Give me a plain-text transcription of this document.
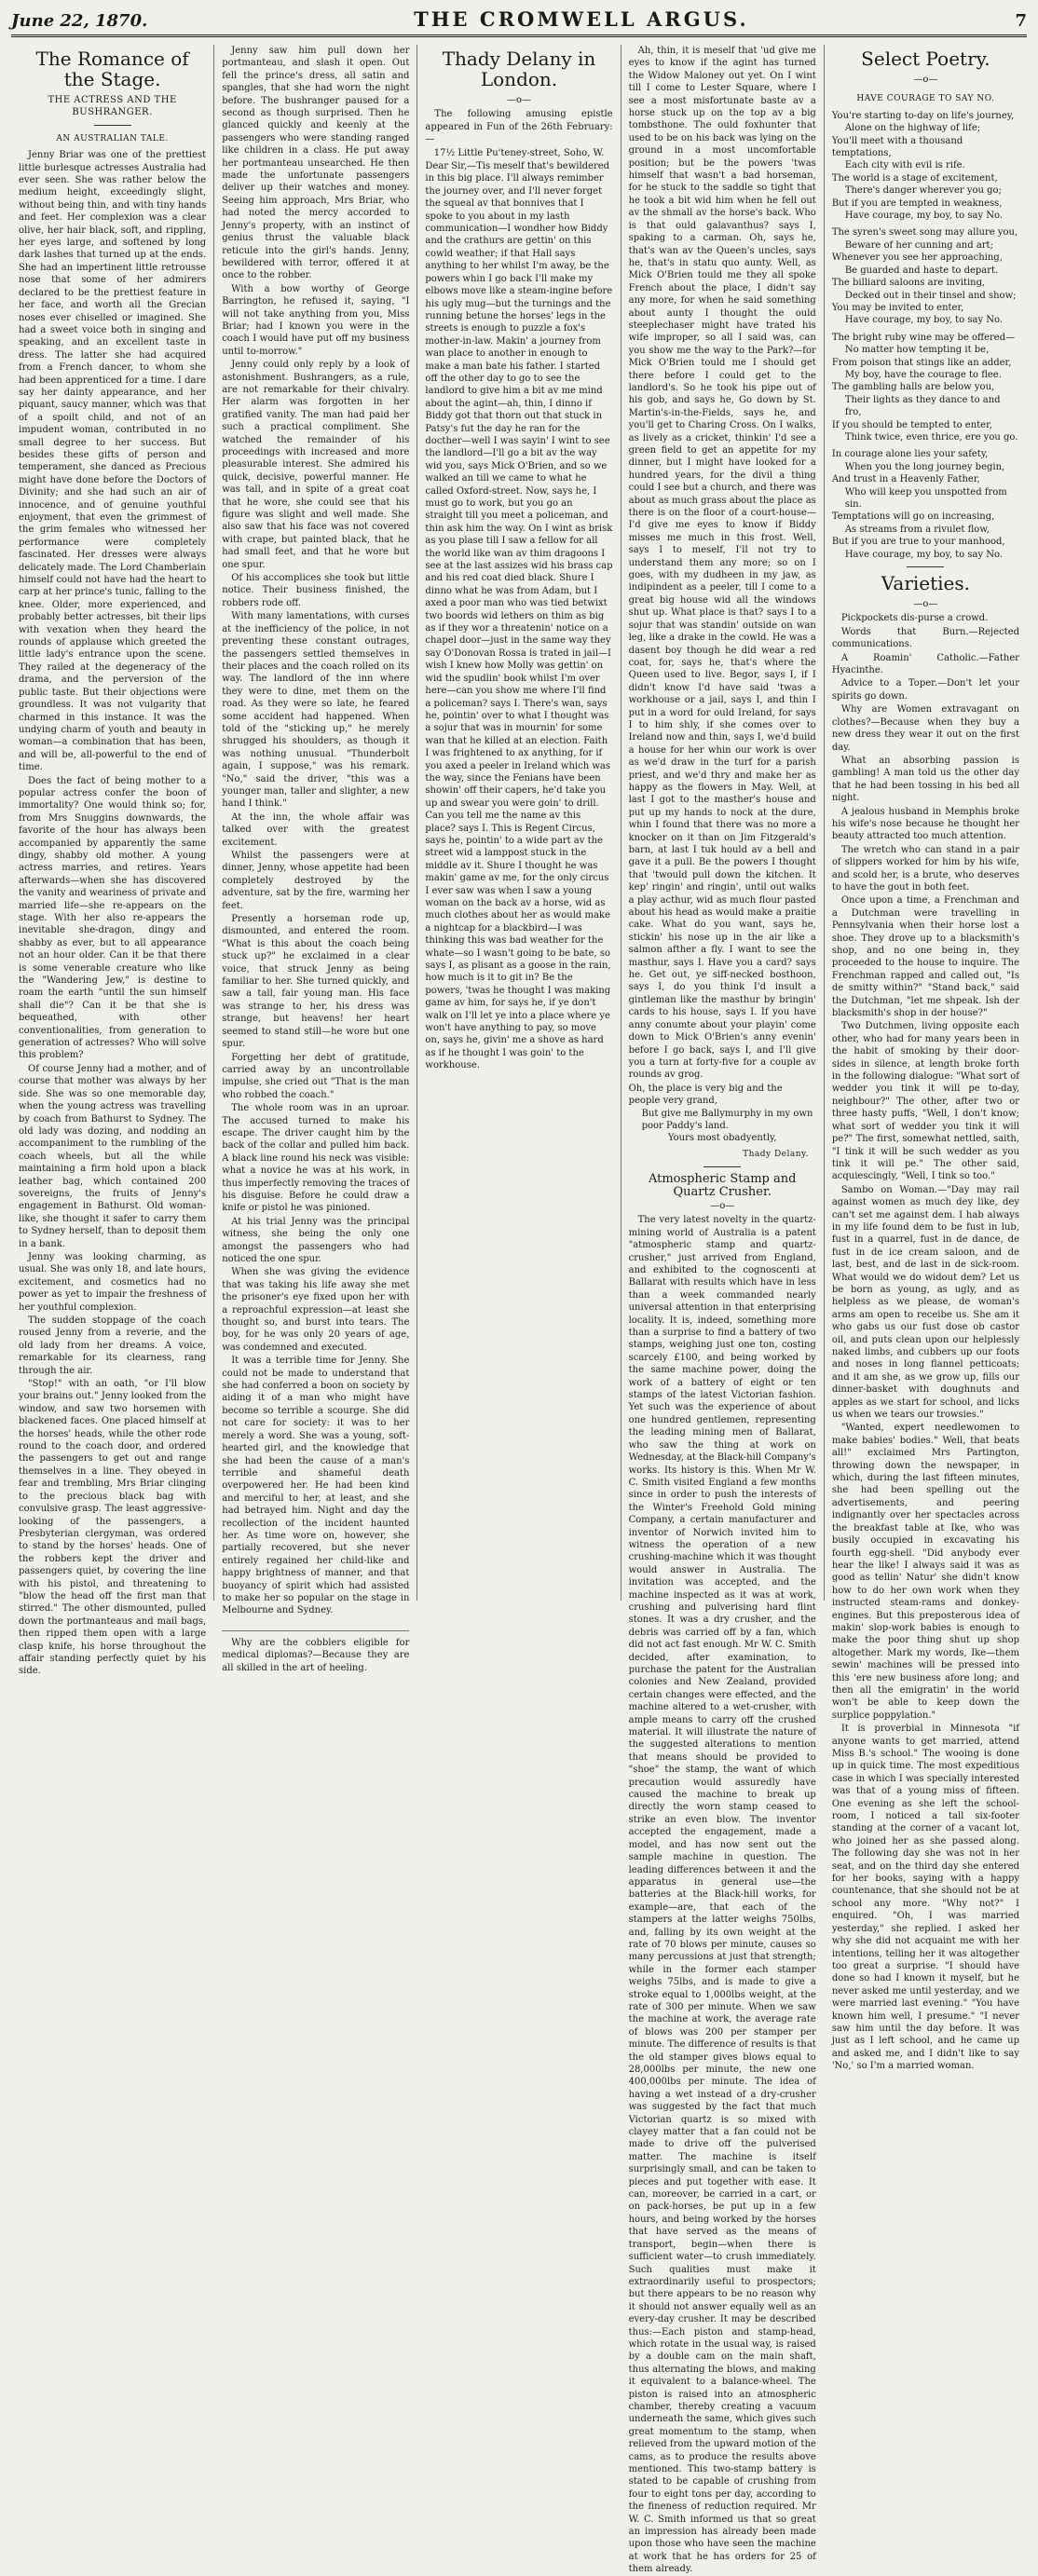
June 22, 1870.	THE CROMWELL ARGUS.	7
The Romance of the Stage.
THE ACTRESS AND THE BUSHRANGER.
AN AUSTRALIAN TALE.

Jenny Briar was one of the prettiest little burlesque actresses Australia had ever seen. She was rather below the medium height, exceedingly slight, without being thin, and with tiny hands and feet. Her complexion was a clear olive, her hair black, soft, and rippling, her eyes large, and softened by long dark lashes that turned up at the ends. She had an impertinent little retrousse nose that some of her admirers declared to be the prettiest feature in her face, and worth all the Grecian noses ever chiselled or imagined. She had a sweet voice both in singing and speaking, and an excellent taste in dress. The latter she had acquired from a French dancer, to whom she had been apprenticed for a time. I dare say her dainty appearance, and her piquant, saucy manner, which was that of a spoilt child, and not of an impudent woman, contributed in no small degree to her success. But besides these gifts of person and temperament, she danced as Precious might have done before the Doctors of Divinity; and she had such an air of innocence, and of genuine youthful enjoyment, that even the grimmest of the grim females who witnessed her performance were completely fascinated. Her dresses were always delicately made. The Lord Chamberlain himself could not have had the heart to carp at her prince's tunic, falling to the knee. Older, more experienced, and probably better actresses, bit their lips with vexation when they heard the rounds of applause which greeted the little lady's entrance upon the scene. They railed at the degeneracy of the drama, and the perversion of the public taste. But their objections were groundless. It was not vulgarity that charmed in this instance. It was the undying charm of youth and beauty in woman—a combination that has been, and will be, all-powerful to the end of time.

Does the fact of being mother to a popular actress confer the boon of immortality? One would think so; for, from Mrs Snuggins downwards, the favorite of the hour has always been accompanied by apparently the same dingy, shabby old mother. A young actress marries, and retires. Years afterwards—when she has discovered the vanity and weariness of private and married life—she re-appears on the stage. With her also re-appears the inevitable she-dragon, dingy and shabby as ever, but to all appearance not an hour older. Can it be that there is some venerable creature who like the "Wandering Jew," is destine to roam the earth "until the sun himself shall die"? Can it be that she is bequeathed, with other conventionalities, from generation to generation of actresses? Who will solve this problem?

Of course Jenny had a mother, and of course that mother was always by her side. She was so one memorable day, when the young actress was travelling by coach from Bathurst to Sydney. The old lady was dozing, and nodding an accompaniment to the rumbling of the coach wheels, but all the while maintaining a firm hold upon a black leather bag, which contained 200 sovereigns, the fruits of Jenny's engagement in Bathurst. Old woman-like, she thought it safer to carry them to Sydney herself, than to deposit them in a bank.

Jenny was looking charming, as usual. She was only 18, and late hours, excitement, and cosmetics had no power as yet to impair the freshness of her youthful complexion.

The sudden stoppage of the coach roused Jenny from a reverie, and the old lady from her dreams. A voice, remarkable for its clearness, rang through the air.

"Stop!" with an oath, "or I'll blow your brains out." Jenny looked from the window, and saw two horsemen with blackened faces. One placed himself at the horses' heads, while the other rode round to the coach door, and ordered the passengers to get out and range themselves in a line. They obeyed in fear and trembling, Mrs Briar clinging to the precious black bag with convulsive grasp. The least aggressive-looking of the passengers, a Presbyterian clergyman, was ordered to stand by the horses' heads. One of the robbers kept the driver and passengers quiet, by covering the line with his pistol, and threatening to "blow the head off the first man that stirred." The other dismounted, pulled down the portmanteaus and mail bags, then ripped them open with a large clasp knife, his horse throughout the affair standing perfectly quiet by his side.

Jenny saw him pull down her portmanteau, and slash it open. Out fell the prince's dress, all satin and spangles, that she had worn the night before. The bushranger paused for a second as though surprised. Then he glanced quickly and keenly at the passengers who were standing ranged like children in a class. He put away her portmanteau unsearched. He then made the unfortunate passengers deliver up their watches and money. Seeing him approach, Mrs Briar, who had noted the mercy accorded to Jenny's property, with an instinct of genius thrust the valuable black reticule into the girl's hands. Jenny, bewildered with terror, offered it at once to the robber.

With a bow worthy of George Barrington, he refused it, saying, "I will not take anything from you, Miss Briar; had I known you were in the coach I would have put off my business until to-morrow."

Jenny could only reply by a look of astonishment. Bushrangers, as a rule, are not remarkable for their chivalry. Her alarm was forgotten in her gratified vanity. The man had paid her such a practical compliment. She watched the remainder of his proceedings with increased and more pleasurable interest. She admired his quick, decisive, powerful manner. He was tall, and in spite of a great coat that he wore, she could see that his figure was slight and well made. She also saw that his face was not covered with crape, but painted black, that he had small feet, and that he wore but one spur.

Of his accomplices she took but little notice. Their business finished, the robbers rode off.

With many lamentations, with curses at the inefficiency of the police, in not preventing these constant outrages, the passengers settled themselves in their places and the coach rolled on its way. The landlord of the inn where they were to dine, met them on the road. As they were so late, he feared some accident had happened. When told of the "sticking up," he merely shrugged his shoulders, as though it was nothing unusual. "Thunderbolt again, I suppose," was his remark. "No," said the driver, "this was a younger man, taller and slighter, a new hand I think."

At the inn, the whole affair was talked over with the greatest excitement.

Whilst the passengers were at dinner, Jenny, whose appetite had been completely destroyed by the adventure, sat by the fire, warming her feet.

Presently a horseman rode up, dismounted, and entered the room. "What is this about the coach being stuck up?" he exclaimed in a clear voice, that struck Jenny as being familiar to her. She turned quickly, and saw a tall, fair young man. His face was strange to her, his dress was strange, but heavens! her heart seemed to stand still—he wore but one spur.

Forgetting her debt of gratitude, carried away by an uncontrollable impulse, she cried out "That is the man who robbed the coach."

The whole room was in an uproar. The accused turned to make his escape. The driver caught him by the back of the collar and pulled him back. A black line round his neck was visible: what a novice he was at his work, in thus imperfectly removing the traces of his disguise. Before he could draw a knife or pistol he was pinioned.

At his trial Jenny was the principal witness, she being the only one amongst the passengers who had noticed the one spur.

When she was giving the evidence that was taking his life away she met the prisoner's eye fixed upon her with a reproachful expression—at least she thought so, and burst into tears. The boy, for he was only 20 years of age, was condemned and executed.

It was a terrible time for Jenny. She could not be made to understand that she had conferred a boon on society by aiding it of a man who might have become so terrible a scourge. She did not care for society: it was to her merely a word. She was a young, soft-hearted girl, and the knowledge that she had been the cause of a man's terrible and shameful death overpowered her. He had been kind and merciful to her, at least, and she had betrayed him. Night and day the recollection of the incident haunted her. As time wore on, however, she partially recovered, but she never entirely regained her child-like and happy brightness of manner, and that buoyancy of spirit which had assisted to make her so popular on the stage in Melbourne and Sydney.

Why are the cobblers eligible for medical diplomas?—Because they are all skilled in the art of heeling.

Thady Delany in London.
—o—

The following amusing epistle appeared in Fun of the 26th February:—

17½ Little Pu'teney-street, Soho, W.

Dear Sir,—Tis meself that's bewildered in this big place. I'll always remimber the journey over, and I'll never forget the squeal av that bonnives that I spoke to you about in my lasth communication—I wondher how Biddy and the crathurs are gettin' on this cowld weather; if that Hall says anything to her whilst I'm away, be the powers whin I go back I'll make my elbows move like a steam-ingine before his ugly mug—but the turnings and the running betune the horses' legs in the streets is enough to puzzle a fox's mother-in-law. Makin' a journey from wan place to another in enough to make a man bate his father. I started off the other day to go to see the landlord to give him a bit av me mind about the agint—ah, thin, I dinno if Biddy got that thorn out that stuck in Patsy's fut the day he ran for the docther—well I was sayin' I wint to see the landlord—I'll go a bit av the way wid you, says Mick O'Brien, and so we walked an till we came to what he called Oxford-street. Now, says he, I must go to work, but you go an straight till you meet a policeman, and thin ask him the way. On I wint as brisk as you plase till I saw a fellow for all the world like wan av thim dragoons I see at the last assizes wid his brass cap and his red coat died black. Shure I dinno what he was from Adam, but I axed a poor man who was tied betwixt two boords wid lethers on thim as big as if they wor a threatenin' notice on a chapel door—just in the same way they say O'Donovan Rossa is trated in jail—I wish I knew how Molly was gettin' on wid the spudlin' book whilst I'm over here—can you show me where I'll find a policeman? says I. There's wan, says he, pointin' over to what I thought was a sojur that was in mournin' for some wan that he killed at an election. Faith I was frightened to ax anything, for if you axed a peeler in Ireland which was the way, since the Fenians have been showin' off their capers, he'd take you up and swear you were goin' to drill. Can you tell me the name av this place? says I. This is Regent Circus, says he, pointin' to a wide part av the street wid a lamppost stuck in the middle av it. Shure I thought he was makin' game av me, for the only circus I ever saw was when I saw a young woman on the back av a horse, wid as much clothes about her as would make a nightcap for a blackbird—I was thinking this was bad weather for the whate—so I wasn't going to be bate, so says I, as plisant as a goose in the rain, how much is it to git in? Be the powers, 'twas he thought I was making game av him, for says he, if ye don't walk on I'll let ye into a place where ye won't have anything to pay, so move on, says he, givin' me a shove as hard as if he thought I was goin' to the workhouse.

Ah, thin, it is meself that 'ud give me eyes to know if the agint has turned the Widow Maloney out yet. On I wint till I come to Lester Square, where I see a most misfortunate baste av a horse stuck up on the top av a big tombsthone. The ould foxhunter that used to be on his back was lying on the ground in a most uncomfortable position; but be the powers 'twas himself that wasn't a bad horseman, for he stuck to the saddle so tight that he took a bit wid him when he fell out av the shmall av the horse's back. Who is that ould galavanthus? says I, spaking to a carman. Oh, says he, that's wan av the Queen's uncles, says he, that's in statu quo aunty. Well, as Mick O'Brien tould me they all spoke French about the place, I didn't say any more, for when he said something about aunty I thought the ould steeplechaser might have trated his wife improper, so all I said was, can you show me the way to the Park?—for Mick O'Brien tould me I should get there before I could get to the landlord's. So he took his pipe out of his gob, and says he, Go down by St. Martin's-in-the-Fields, says he, and you'll get to Charing Cross. On I walks, as lively as a cricket, thinkin' I'd see a green field to get an appetite for my dinner, but I might have looked for a hundred years, for the divil a thing could I see but a church, and there was about as much grass about the place as there is on the floor of a court-house—I'd give me eyes to know if Biddy misses me much in this frost. Well, says I to meself, I'll not try to understand them any more; so on I goes, with my dudheen in my jaw, as indipindent as a peeler, till I come to a great big house wid all the windows shut up. What place is that? says I to a sojur that was standin' outside on wan leg, like a drake in the cowld. He was a dasent boy though he did wear a red coat, for, says he, that's where the Queen used to live. Begor, says I, if I didn't know I'd have said 'twas a workhouse or a jail, says I, and thin I put in a word for ould Ireland, for says I to him shly, if she comes over to Ireland now and thin, says I, we'd build a house for her whin our work is over as we'd draw in the turf for a parish priest, and we'd thry and make her as happy as the flowers in May. Well, at last I got to the masther's house and put up my hands to nock at the dure, whin I found that there was no more a knocker on it than on Jim Fitzgerald's barn, at last I tuk hould av a bell and gave it a pull. Be the powers I thought that 'twould pull down the kitchen. It kep' ringin' and ringin', until out walks a play acthur, wid as much flour pasted about his head as would make a praitie cake. What do you want, says he, stickin' his nose up in the air like a salmon afther a fly. I want to see the masthur, says I. Have you a card? says he. Get out, ye siff-necked bosthoon, says I, do you think I'd insult a gintleman like the masthur by bringin' cards to his house, says I. If you have anny conumte about your playin' come down to Mick O'Brien's anny evenin' before I go back, says I, and I'll give you a turn at forty-five for a couple av rounds av grog.

Oh, the place is very big and the people very grand,

But give me Ballymurphy in my own poor Paddy's land.

Yours most obadyently,

Thady Delany.
Atmospheric Stamp and Quartz Crusher.
—o—

The very latest novelty in the quartz-mining world of Australia is a patent "atmospheric stamp and quartz-crusher," just arrived from England, and exhibited to the cognoscenti at Ballarat with results which have in less than a week commanded nearly universal attention in that enterprising locality. It is, indeed, something more than a surprise to find a battery of two stamps, weighing just one ton, costing scarcely £100, and being worked by the same machine power, doing the work of a battery of eight or ten stamps of the latest Victorian fashion. Yet such was the experience of about one hundred gentlemen, representing the leading mining men of Ballarat, who saw the thing at work on Wednesday, at the Black-hill Company's works. Its history is this. When Mr W. C. Smith visited England a few months since in order to push the interests of the Winter's Freehold Gold mining Company, a certain manufacturer and inventor of Norwich invited him to witness the operation of a new crushing-machine which it was thought would answer in Australia. The invitation was accepted, and the machine inspected as it was at work, crushing and pulverising hard flint stones. It was a dry crusher, and the debris was carried off by a fan, which did not act fast enough. Mr W. C. Smith decided, after examination, to purchase the patent for the Australian colonies and New Zealand, provided certain changes were effected, and the machine altered to a wet-crusher, with ample means to carry off the crushed material. It will illustrate the nature of the suggested alterations to mention that means should be provided to "shoe" the stamp, the want of which precaution would assuredly have caused the machine to break up directly the worn stamp ceased to strike an even blow. The inventor accepted the engagement, made a model, and has now sent out the sample machine in question. The leading differences between it and the apparatus in general use—the batteries at the Black-hill works, for example—are, that each of the stampers at the latter weighs 750lbs, and, falling by its own weight at the rate of 70 blows per minute, causes so many percussions at just that strength; while in the former each stamper weighs 75lbs, and is made to give a stroke equal to 1,000lbs weight, at the rate of 300 per minute. When we saw the machine at work, the average rate of blows was 200 per stamper per minute. The difference of results is that the old stamper gives blows equal to 28,000lbs per minute, the new one 400,000lbs per minute. The idea of having a wet instead of a dry-crusher was suggested by the fact that much Victorian quartz is so mixed with clayey matter that a fan could not be made to drive off the pulverised matter. The machine is itself surprisingly small, and can be taken to pieces and put together with ease. It can, moreover, be carried in a cart, or on pack-horses, be put up in a few hours, and being worked by the horses that have served as the means of transport, begin—when there is sufficient water—to crush immediately. Such qualities must make it extraordinarily useful to prospectors; but there appears to be no reason why it should not answer equally well as an every-day crusher. It may be described thus:—Each piston and stamp-head, which rotate in the usual way, is raised by a double cam on the main shaft, thus alternating the blows, and making it equivalent to a balance-wheel. The piston is raised into an atmospheric chamber, thereby creating a vacuum underneath the same, which gives such great momentum to the stamp, when relieved from the upward motion of the cams, as to produce the results above mentioned. This two-stamp battery is stated to be capable of crushing from four to eight tons per day, according to the fineness of reduction required. Mr W. C. Smith informed us that so great an impression has already been made upon those who have seen the machine at work that he has orders for 25 of them already.

Select Poetry.
—o—
HAVE COURAGE TO SAY NO.

You're starting to-day on life's journey,

Alone on the highway of life;

You'll meet with a thousand temptations,

Each city with evil is rife.

The world is a stage of excitement,

There's danger wherever you go;

But if you are tempted in weakness,

Have courage, my boy, to say No.

The syren's sweet song may allure you,

Beware of her cunning and art;

Whenever you see her approaching,

Be guarded and haste to depart.

The billiard saloons are inviting,

Decked out in their tinsel and show;

You may be invited to enter,

Have courage, my boy, to say No.

The bright ruby wine may be offered—

No matter how tempting it be,

From poison that stings like an adder,

My boy, have the courage to flee.

The gambling halls are below you,

Their lights as they dance to and fro,

If you should be tempted to enter,

Think twice, even thrice, ere you go.

In courage alone lies your safety,

When you the long journey begin,

And trust in a Heavenly Father,

Who will keep you unspotted from sin.

Temptations will go on increasing,

As streams from a rivulet flow,

But if you are true to your manhood,

Have courage, my boy, to say No.

Varieties.
—o—

Pickpockets dis-purse a crowd.

Words that Burn.—Rejected communications.

A Roamin' Catholic.—Father Hyacinthe.

Advice to a Toper.—Don't let your spirits go down.

Why are Women extravagant on clothes?—Because when they buy a new dress they wear it out on the first day.

What an absorbing passion is gambling! A man told us the other day that he had been tossing in his bed all night.

A jealous husband in Memphis broke his wife's nose because he thought her beauty attracted too much attention.

The wretch who can stand in a pair of slippers worked for him by his wife, and scold her, is a brute, who deserves to have the gout in both feet.

Once upon a time, a Frenchman and a Dutchman were travelling in Pennsylvania when their horse lost a shoe. They drove up to a blacksmith's shop, and no one being in, they proceeded to the house to inquire. The Frenchman rapped and called out, "Is de smitty within?" "Stand back," said the Dutchman, "let me shpeak. Ish der blacksmith's shop in der house?"

Two Dutchmen, living opposite each other, who had for many years been in the habit of smoking by their door-sides in silence, at length broke forth in the following dialogue: "What sort of wedder you tink it will pe to-day, neighbour?" The other, after two or three hasty puffs, "Well, I don't know; what sort of wedder you tink it will pe?" The first, somewhat nettled, saith, "I tink it will be such wedder as you tink it will pe." The other said, acquiescingly, "Well, I tink so too."

Sambo on Woman.—"Day may rail against women as much dey like, dey can't set me against dem. I hab always in my life found dem to be fust in lub, fust in a quarrel, fust in de dance, de fust in de ice cream saloon, and de last, best, and de last in de sick-room. What would we do widout dem? Let us be born as young, as ugly, and as helpless as we please, de woman's arms am open to receibe us. She am it who gabs us our fust dose ob castor oil, and puts clean upon our helplessly naked limbs, and cubbers up our foots and noses in long flannel petticoats; and it am she, as we grow up, fills our dinner-basket with doughnuts and apples as we start for school, and licks us when we tears our trowsies."

"Wanted, expert needlewomen to make babies' bodies." Well, that beats all!" exclaimed Mrs Partington, throwing down the newspaper, in which, during the last fifteen minutes, she had been spelling out the advertisements, and peering indignantly over her spectacles across the breakfast table at Ike, who was busily occupied in excavating his fourth egg-shell. "Did anybody ever hear the like! I always said it was as good as tellin' Natur' she didn't know how to do her own work when they instructed steam-rams and donkey-engines. But this preposterous idea of makin' slop-work babies is enough to make the poor thing shut up shop altogether. Mark my words, Ike—them sewin' machines will be pressed into this 'ere new business afore long; and then all the emigratin' in the world won't be able to keep down the surplice poppylation."

It is proverbial in Minnesota "if anyone wants to get married, attend Miss B.'s school." The wooing is done up in quick time. The most expeditious case in which I was specially interested was that of a young miss of fifteen. One evening as she left the school-room, I noticed a tall six-footer standing at the corner of a vacant lot, who joined her as she passed along. The following day she was not in her seat, and on the third day she entered for her books, saying with a happy countenance, that she should not be at school any more. "Why not?" I enquired. "Oh, I was married yesterday," she replied. I asked her why she did not acquaint me with her intentions, telling her it was altogether too great a surprise. "I should have done so had I known it myself, but he never asked me until yesterday, and we were married last evening." "You have known him well, I presume." "I never saw him until the day before. It was just as I left school, and he came up and asked me, and I didn't like to say 'No,' so I'm a married woman.
